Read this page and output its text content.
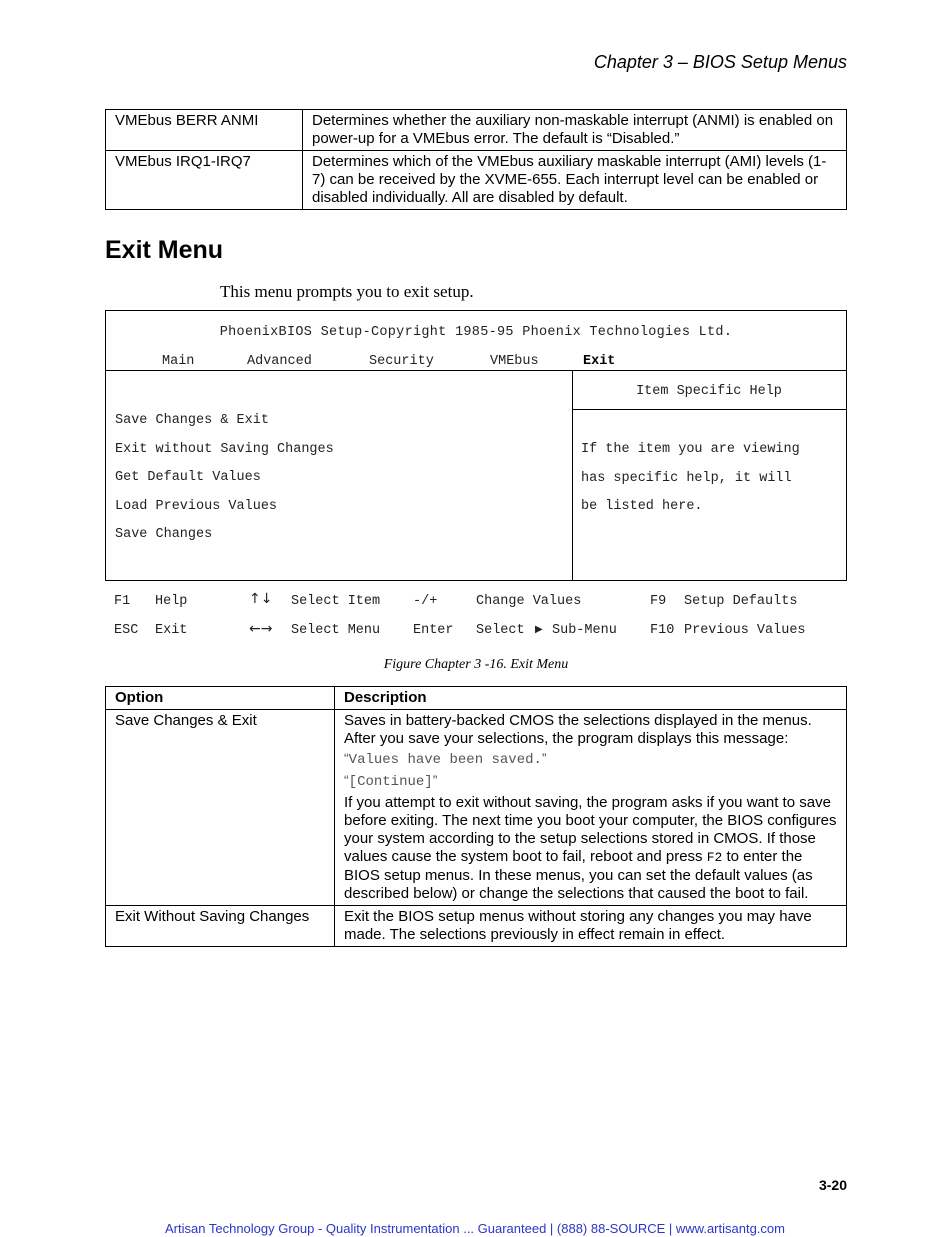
Chapter 3 – BIOS Setup Menus
VMEbus BERR ANMI	Determines whether the auxiliary non-maskable interrupt (ANMI) is enabled on power-up for a VMEbus error. The default is “Disabled.”
VMEbus IRQ1-IRQ7	Determines which of the VMEbus auxiliary maskable interrupt (AMI) levels (1-7) can be received by the XVME-655. Each interrupt level can be enabled or disabled individually. All are disabled by default.
Exit Menu
This menu prompts you to exit setup.
PhoenixBIOS Setup-Copyright 1985-95 Phoenix Technologies Ltd.
Main	Advanced	Security	VMEbus	Exit
Item Specific Help
Save Changes & Exit
Exit without Saving Changes
Get Default Values
Load Previous Values
Save Changes
If the item you are viewing
has specific help, it will
be listed here.
F1 Help	↑↓ Select Item -/+	Change Values	F9 Setup Defaults
ESC Exit	←→ Select Menu Enter Select ▶ Sub-Menu F10 Previous Values
Figure Chapter 3 -16. Exit Menu
Option	Description
Save Changes & Exit	Saves in battery-backed CMOS the selections displayed in the menus. After you save your selections, the program displays this message:
“Values have been saved.”
“[Continue]”
If you attempt to exit without saving, the program asks if you want to save before exiting. The next time you boot your computer, the BIOS configures your system according to the setup selections stored in CMOS. If those values cause the system boot to fail, reboot and press F2 to enter the BIOS setup menus. In these menus, you can set the default values (as described below) or change the selections that caused the boot to fail.

Exit Without Saving Changes	Exit the BIOS setup menus without storing any changes you may have made. The selections previously in effect remain in effect.
3-20
Artisan Technology Group - Quality Instrumentation ... Guaranteed | (888) 88-SOURCE | www.artisantg.com
